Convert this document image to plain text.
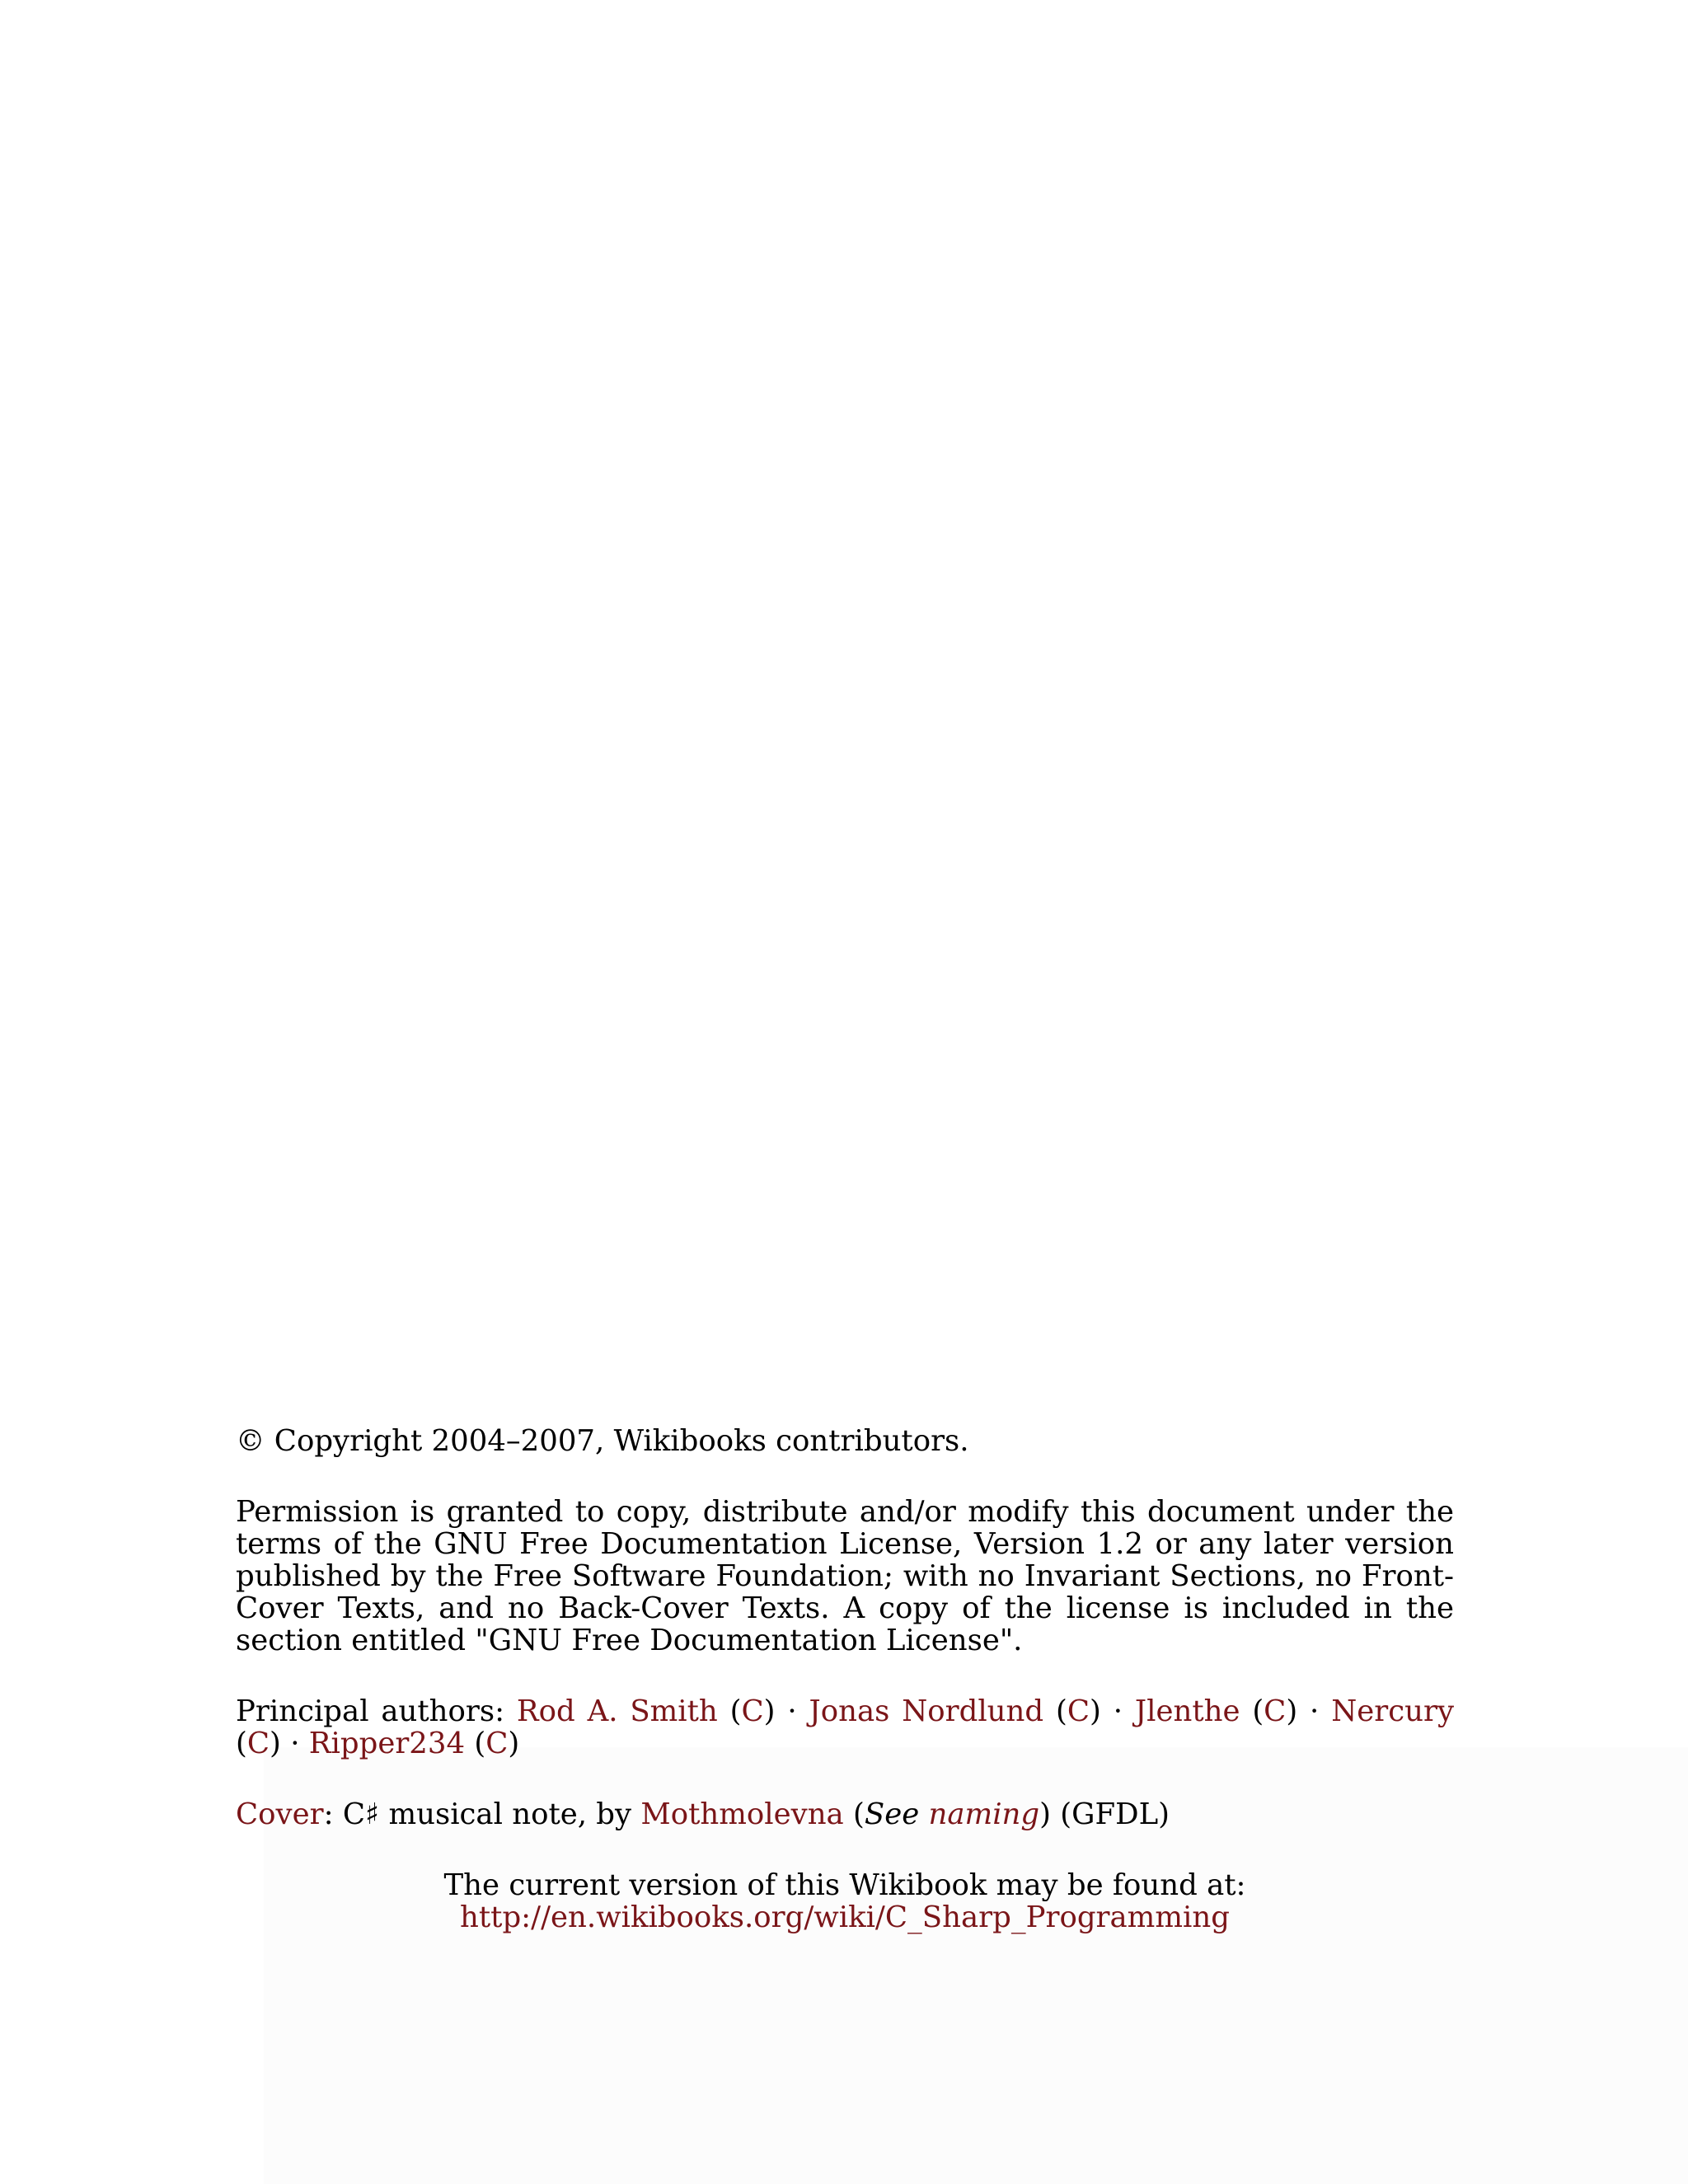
© Copyright 2004–2007, Wikibooks contributors.

Permission is granted to copy, distribute and/or modify this document under the terms of the GNU Free Documentation License, Version 1.2 or any later version published by the Free Software Foundation; with no Invariant Sections, no Front-Cover Texts, and no Back-Cover Texts. A copy of the license is included in the section entitled "GNU Free Documentation License".

Principal authors: Rod A. Smith (C) · Jonas Nordlund (C) · Jlenthe (C) · Nercury (C) · Ripper234 (C)

Cover: C♯ musical note, by Mothmolevna (See naming) (GFDL)

The current version of this Wikibook may be found at:
http://en.wikibooks.org/wiki/C_Sharp_Programming
